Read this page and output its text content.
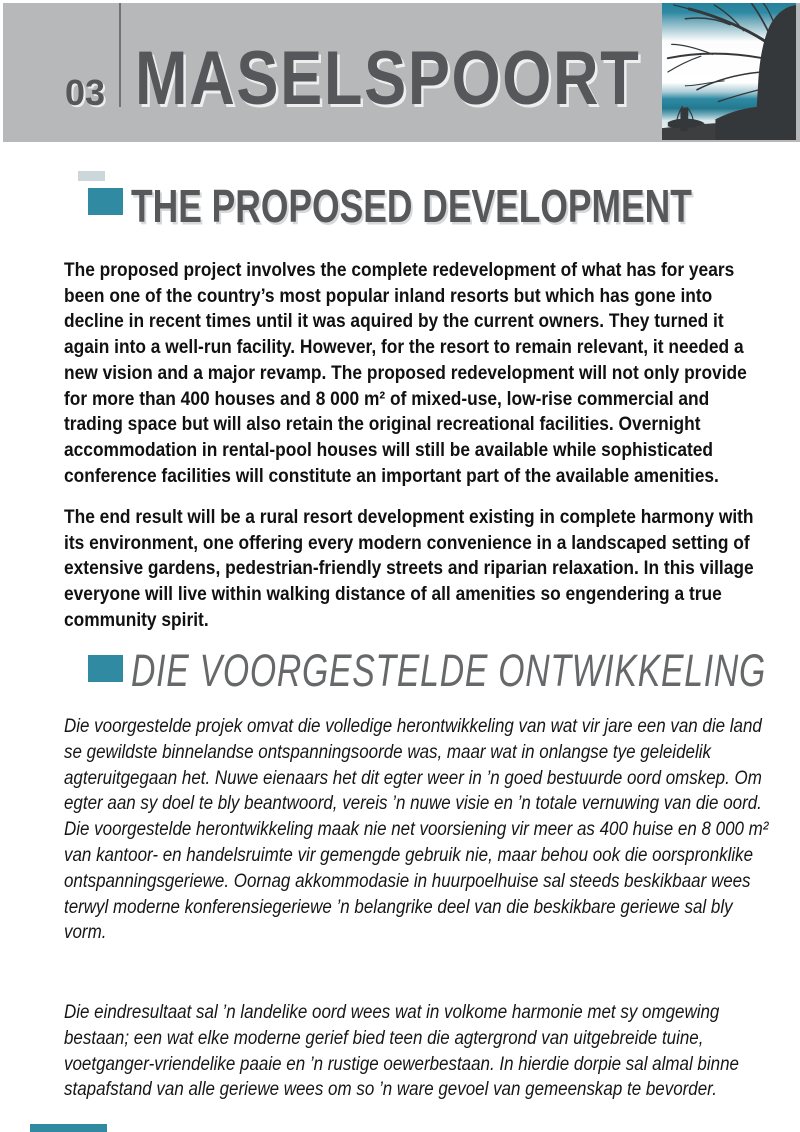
03 MASELSPOORT
THE PROPOSED DEVELOPMENT

The proposed project involves the complete redevelopment of what has for years been one of the country’s most popular inland resorts but which has gone into decline in recent times until it was aquired by the current owners. They turned it again into a well-run facility. However, for the resort to remain relevant, it needed a new vision and a major revamp. The proposed redevelopment will not only provide for more than 400 houses and 8 000 m² of mixed-use, low-rise commercial and trading space but will also retain the original recreational facilities. Overnight accommodation in rental-pool houses will still be available while sophisticated conference facilities will constitute an important part of the available amenities.

The end result will be a rural resort development existing in complete harmony with its environment, one offering every modern convenience in a landscaped setting of extensive gardens, pedestrian-friendly streets and riparian relaxation. In this village everyone will live within walking distance of all amenities so engendering a true community spirit.

DIE VOORGESTELDE ONTWIKKELING

Die voorgestelde projek omvat die volledige herontwikkeling van wat vir jare een van die land se gewildste binnelandse ontspanningsoorde was, maar wat in onlangse tye geleidelik agteruitgegaan het. Nuwe eienaars het dit egter weer in ’n goed bestuurde oord omskep. Om egter aan sy doel te bly beantwoord, vereis ’n nuwe visie en ’n totale vernuwing van die oord. Die voorgestelde herontwikkeling maak nie net voorsiening vir meer as 400 huise en 8 000 m² van kantoor- en handelsruimte vir gemengde gebruik nie, maar behou ook die oorspronklike ontspanningsgeriewe. Oornag akkommodasie in huurpoelhuise sal steeds beskikbaar wees terwyl moderne konferensiegeriewe ’n belangrike deel van die beskikbare geriewe sal bly vorm.

Die eindresultaat sal ’n landelike oord wees wat in volkome harmonie met sy omgewing bestaan; een wat elke moderne gerief bied teen die agtergrond van uitgebreide tuine, voetganger-vriendelike paaie en ’n rustige oewerbestaan. In hierdie dorpie sal almal binne stapafstand van alle geriewe wees om so ’n ware gevoel van gemeenskap te bevorder.
